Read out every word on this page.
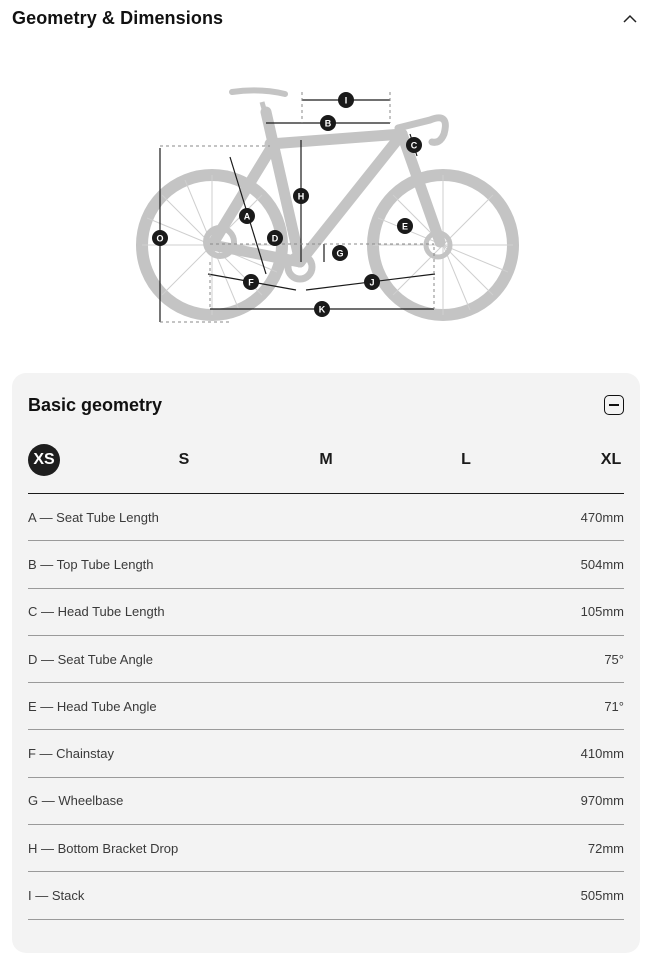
Geometry & Dimensions
I
B
C
H
A
E
D
O
G
F	J
K
Basic geometry
XS	S	M	L	XL
A — Seat Tube Length	470mm
B — Top Tube Length	504mm
C — Head Tube Length	105mm
D — Seat Tube Angle	75°
E — Head Tube Angle	71°
F — Chainstay	410mm
G — Wheelbase	970mm
H — Bottom Bracket Drop	72mm
I — Stack	505mm
